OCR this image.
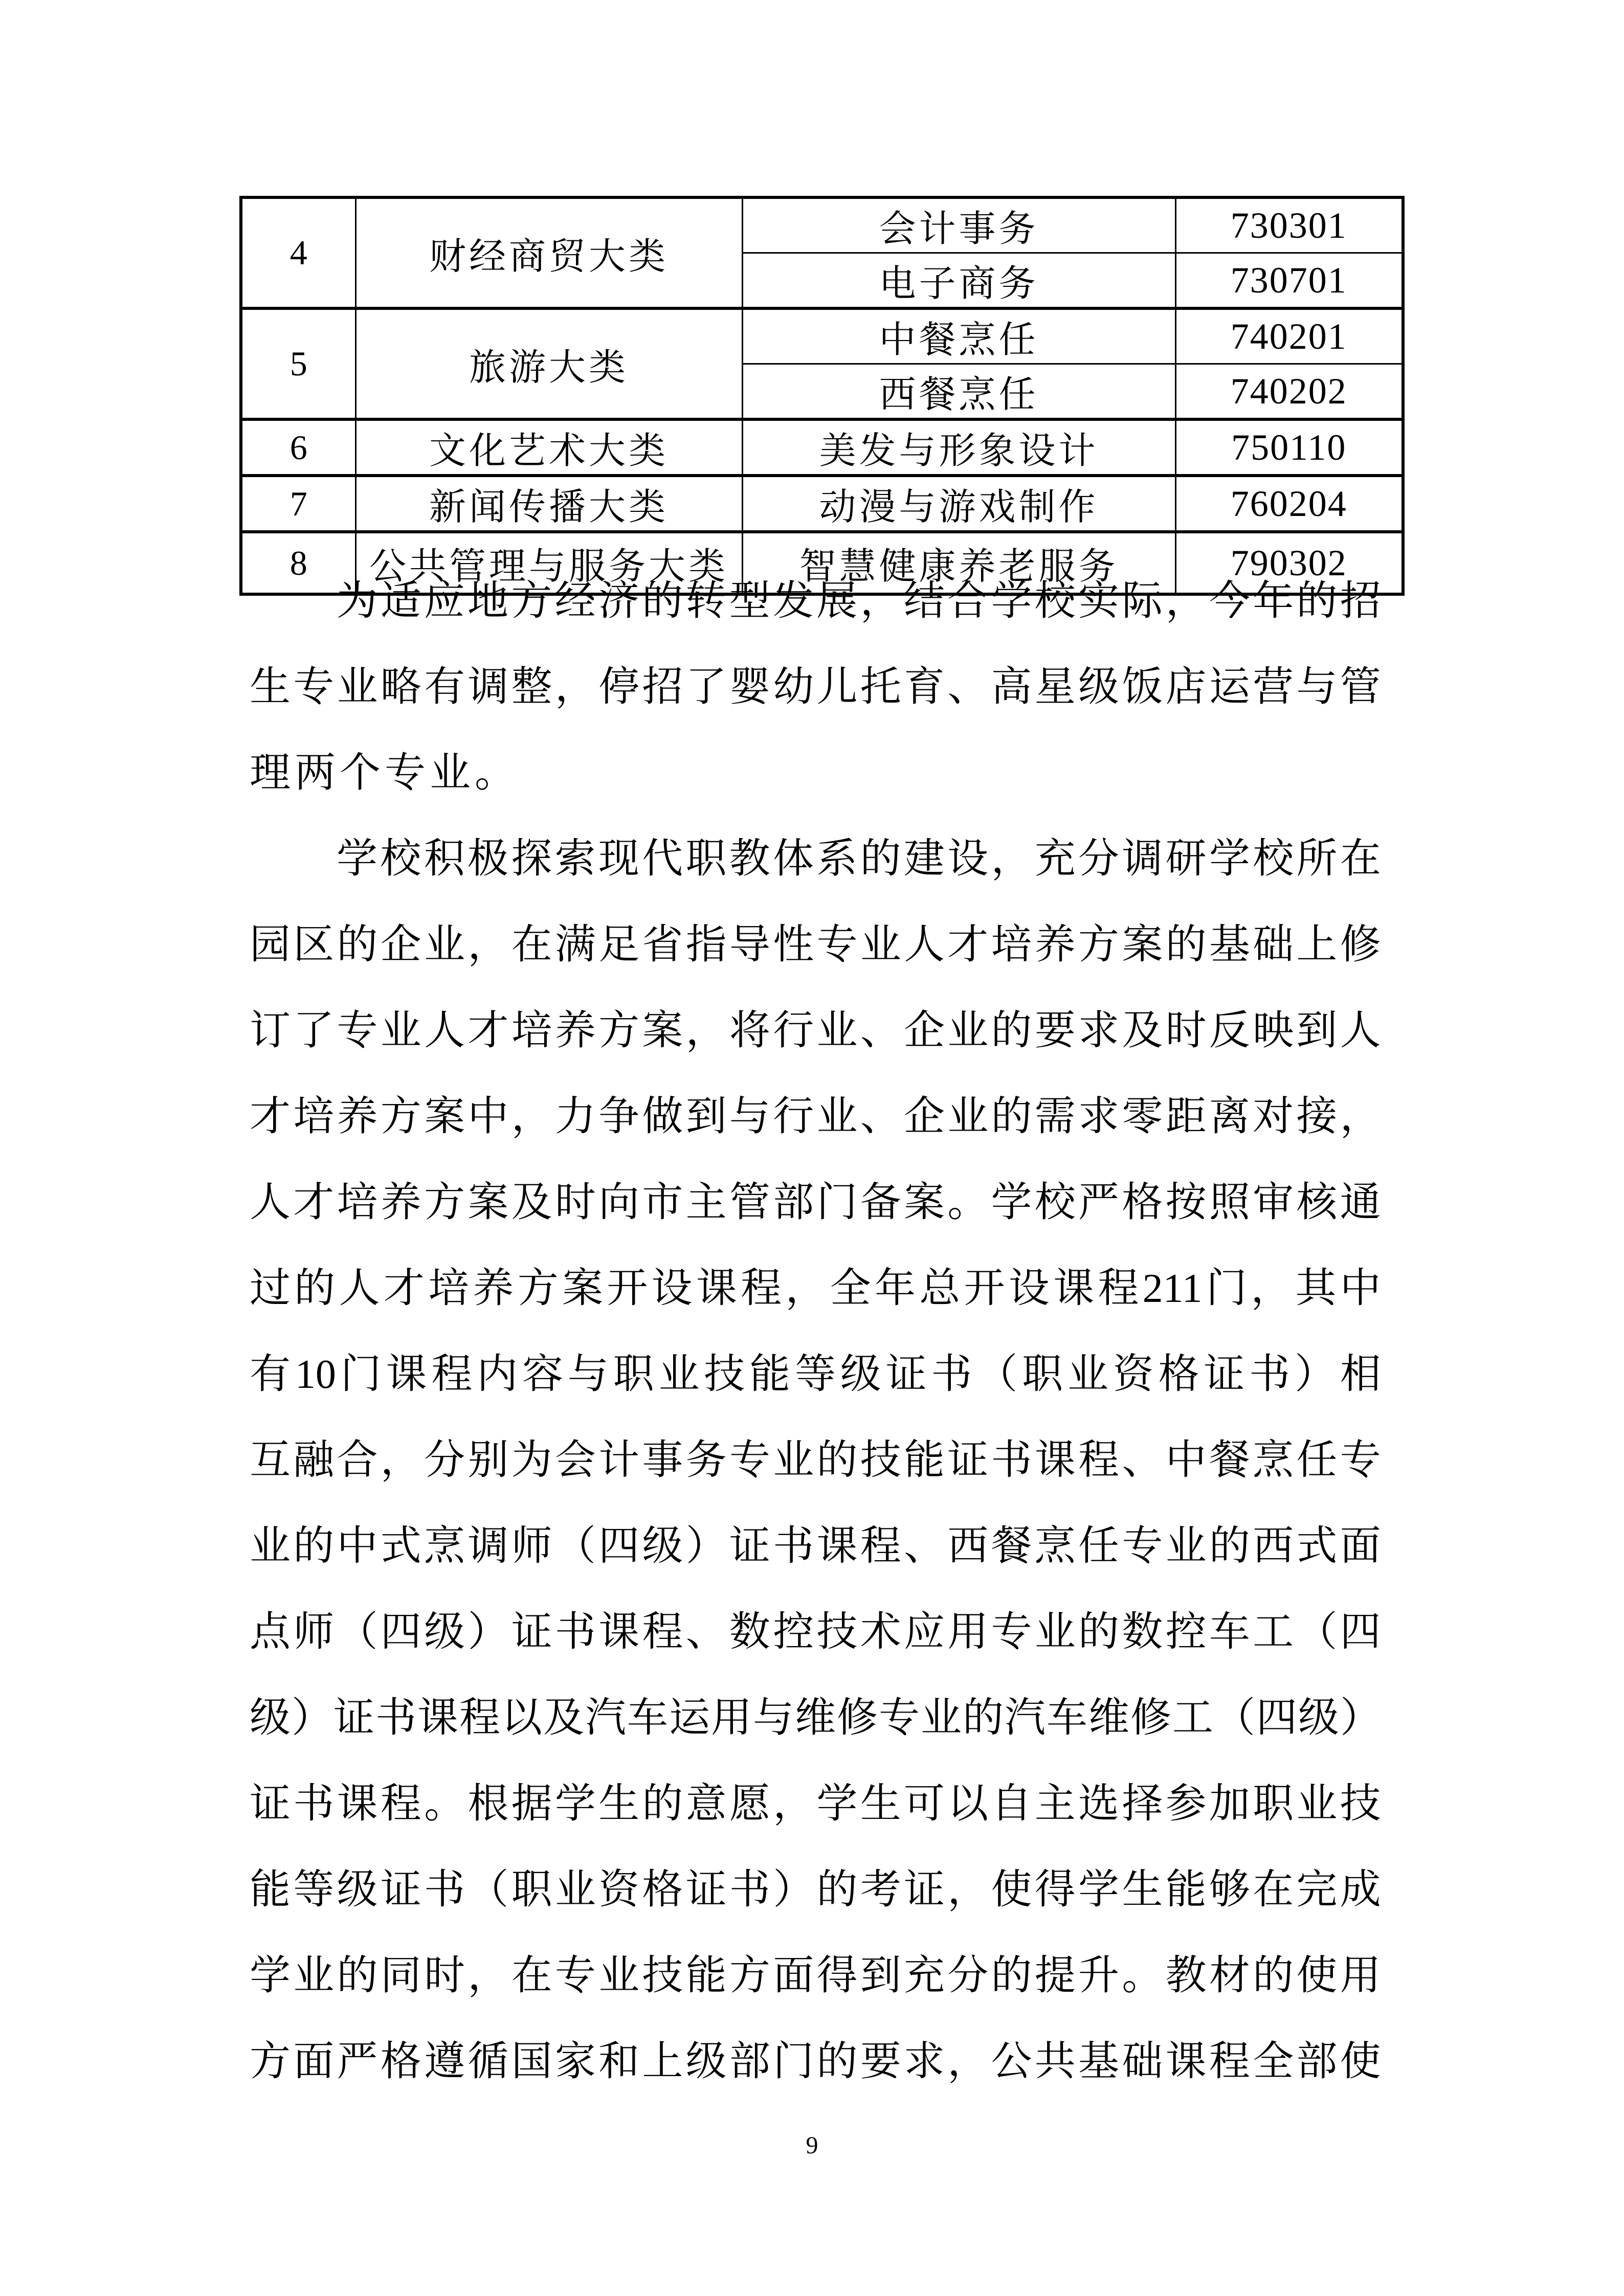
4	财经商贸大类	会计事务	730301
		电子商务	730701
5	旅游大类	中餐烹任	740201
		西餐烹任	740202
6	文化艺术大类	美发与形象设计	750110
7	新闻传播大类	动漫与游戏制作	760204
8	公共管理与服务大类	智慧健康养老服务	790302
为 适 应 地 方 经 济 的 转 型 发 展 ， 结 合 学 校 实 际 ， 今 年 的 招
生 专 业 略 有 调 整 ， 停 招 了 婴 幼 儿 托 育 、 高 星 级 饭 店 运 营 与 管
理 两 个 专 业 。
学 校 积 极 探 索 现 代 职 教 体 系 的 建 设 ， 充 分 调 研 学 校 所 在
园 区 的 企 业 ， 在 满 足 省 指 导 性 专 业 人 才 培 养 方 案 的 基 础 上 修
订 了 专 业 人 才 培 养 方 案 ， 将 行 业 、 企 业 的 要 求 及 时 反 映 到 人
才 培 养 方 案 中 ， 力 争 做 到 与 行 业 、 企 业 的 需 求 零 距 离 对 接 ，
人 才 培 养 方 案 及 时 向 市 主 管 部 门 备 案 。 学 校 严 格 按 照 审 核 通
过 的 人 才 培 养 方 案 开 设 课 程 ， 全 年 总 开 设 课 程 211 门 ， 其 中
有 10 门 课 程 内 容 与 职 业 技 能 等 级 证 书 （ 职 业 资 格 证 书 ） 相
互 融 合 ， 分 别 为 会 计 事 务 专 业 的 技 能 证 书 课 程 、 中 餐 烹 任 专
业 的 中 式 烹 调 师 （ 四 级 ） 证 书 课 程 、 西 餐 烹 任 专 业 的 西 式 面
点 师 （ 四 级 ） 证 书 课 程 、 数 控 技 术 应 用 专 业 的 数 控 车 工 （ 四
级 ） 证 书 课 程 以 及 汽 车 运 用 与 维 修 专 业 的 汽 车 维 修 工 （ 四 级 ）
证 书 课 程 。 根 据 学 生 的 意 愿 ， 学 生 可 以 自 主 选 择 参 加 职 业 技
能 等 级 证 书 （ 职 业 资 格 证 书 ） 的 考 证 ， 使 得 学 生 能 够 在 完 成
学 业 的 同 时 ， 在 专 业 技 能 方 面 得 到 充 分 的 提 升 。 教 材 的 使 用
方 面 严 格 遵 循 国 家 和 上 级 部 门 的 要 求 ， 公 共 基 础 课 程 全 部 使
9
